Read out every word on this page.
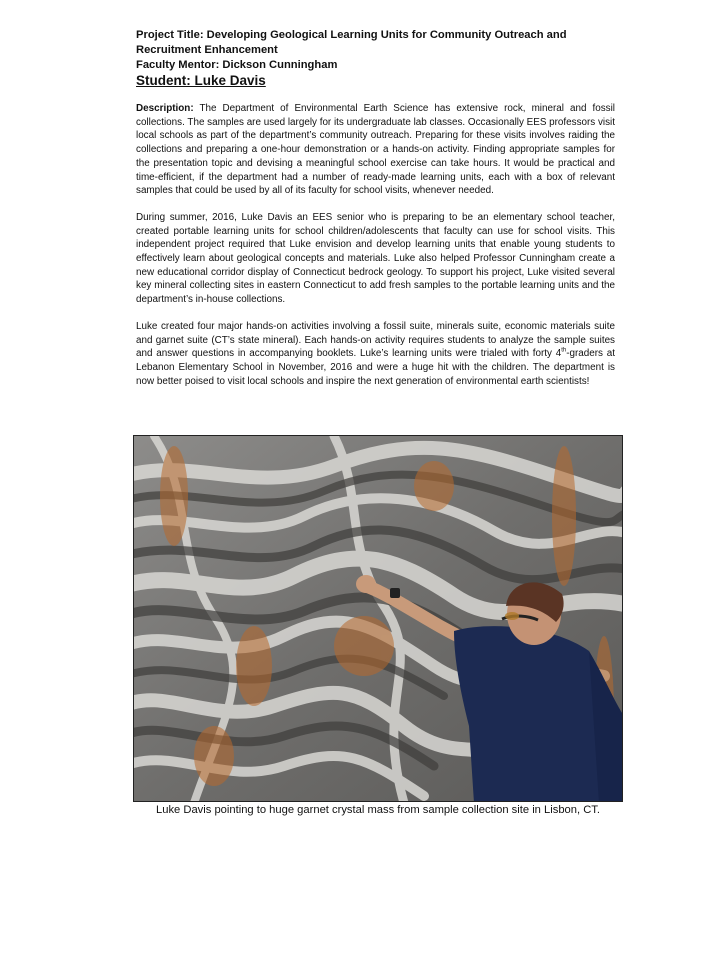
Project Title: Developing Geological Learning Units for Community Outreach and Recruitment Enhancement
Faculty Mentor: Dickson Cunningham
Student: Luke Davis

Description: The Department of Environmental Earth Science has extensive rock, mineral and fossil collections. The samples are used largely for its undergraduate lab classes. Occasionally EES professors visit local schools as part of the department’s community outreach. Preparing for these visits involves raiding the collections and preparing a one-hour demonstration or a hands-on activity. Finding appropriate samples for the presentation topic and devising a meaningful school exercise can take hours. It would be practical and time-efficient, if the department had a number of ready-made learning units, each with a box of relevant samples that could be used by all of its faculty for school visits, whenever needed.

During summer, 2016, Luke Davis an EES senior who is preparing to be an elementary school teacher, created portable learning units for school children/adolescents that faculty can use for school visits. This independent project required that Luke envision and develop learning units that enable young students to effectively learn about geological concepts and materials. Luke also helped Professor Cunningham create a new educational corridor display of Connecticut bedrock geology. To support his project, Luke visited several key mineral collecting sites in eastern Connecticut to add fresh samples to the portable learning units and the department’s in-house collections.

Luke created four major hands-on activities involving a fossil suite, minerals suite, economic materials suite and garnet suite (CT’s state mineral). Each hands-on activity requires students to analyze the sample suites and answer questions in accompanying booklets. Luke’s learning units were trialed with forty 4th-graders at Lebanon Elementary School in November, 2016 and were a huge hit with the children. The department is now better poised to visit local schools and inspire the next generation of environmental earth scientists!

Luke Davis pointing to huge garnet crystal mass from sample collection site in Lisbon, CT.
